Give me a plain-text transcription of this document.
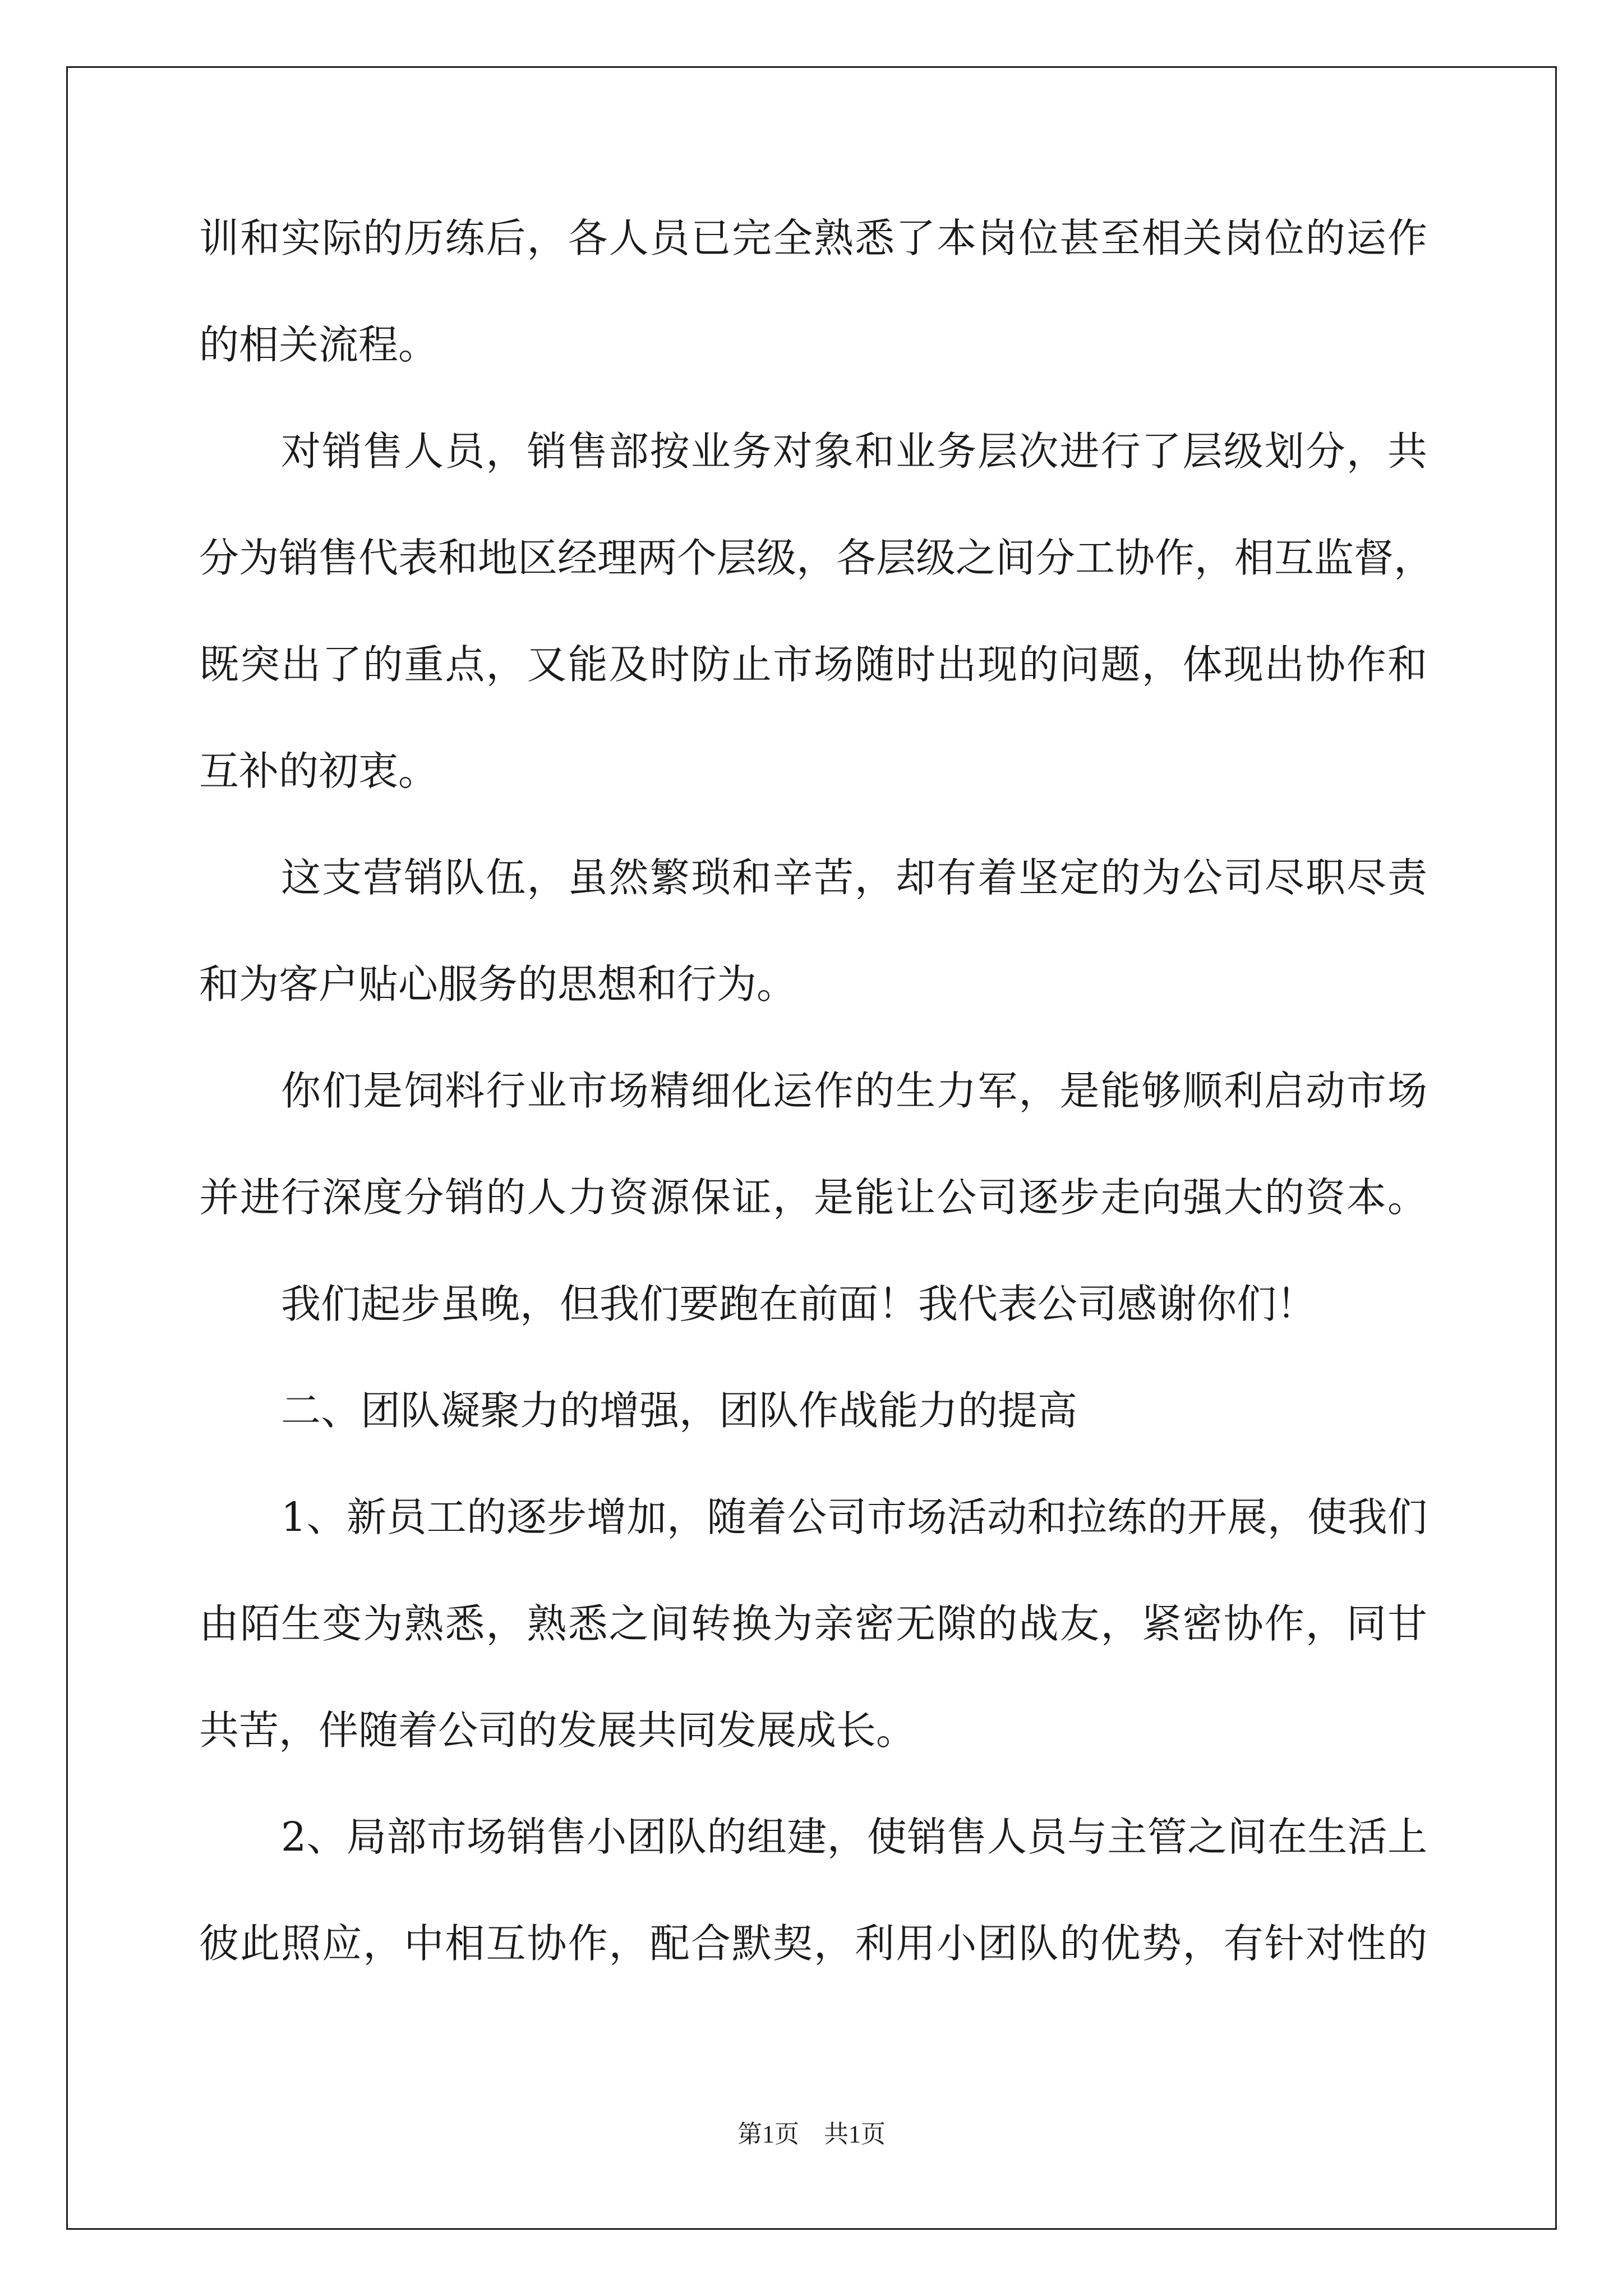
训和实际的历练后，各人员已完全熟悉了本岗位甚至相关岗位的运作
的相关流程。
对销售人员，销售部按业务对象和业务层次进行了层级划分，共
分为销售代表和地区经理两个层级，各层级之间分工协作，相互监督，
既突出了的重点，又能及时防止市场随时出现的问题，体现出协作和
互补的初衷。
这支营销队伍，虽然繁琐和辛苦，却有着坚定的为公司尽职尽责
和为客户贴心服务的思想和行为。
你们是饲料行业市场精细化运作的生力军，是能够顺利启动市场
并进行深度分销的人力资源保证，是能让公司逐步走向强大的资本。
我们起步虽晚，但我们要跑在前面！我代表公司感谢你们！
二、团队凝聚力的增强，团队作战能力的提高
1、新员工的逐步增加，随着公司市场活动和拉练的开展，使我们
由陌生变为熟悉，熟悉之间转换为亲密无隙的战友，紧密协作，同甘
共苦，伴随着公司的发展共同发展成长。
2、局部市场销售小团队的组建，使销售人员与主管之间在生活上
彼此照应，中相互协作，配合默契，利用小团队的优势，有针对性的
第1页　共1页
